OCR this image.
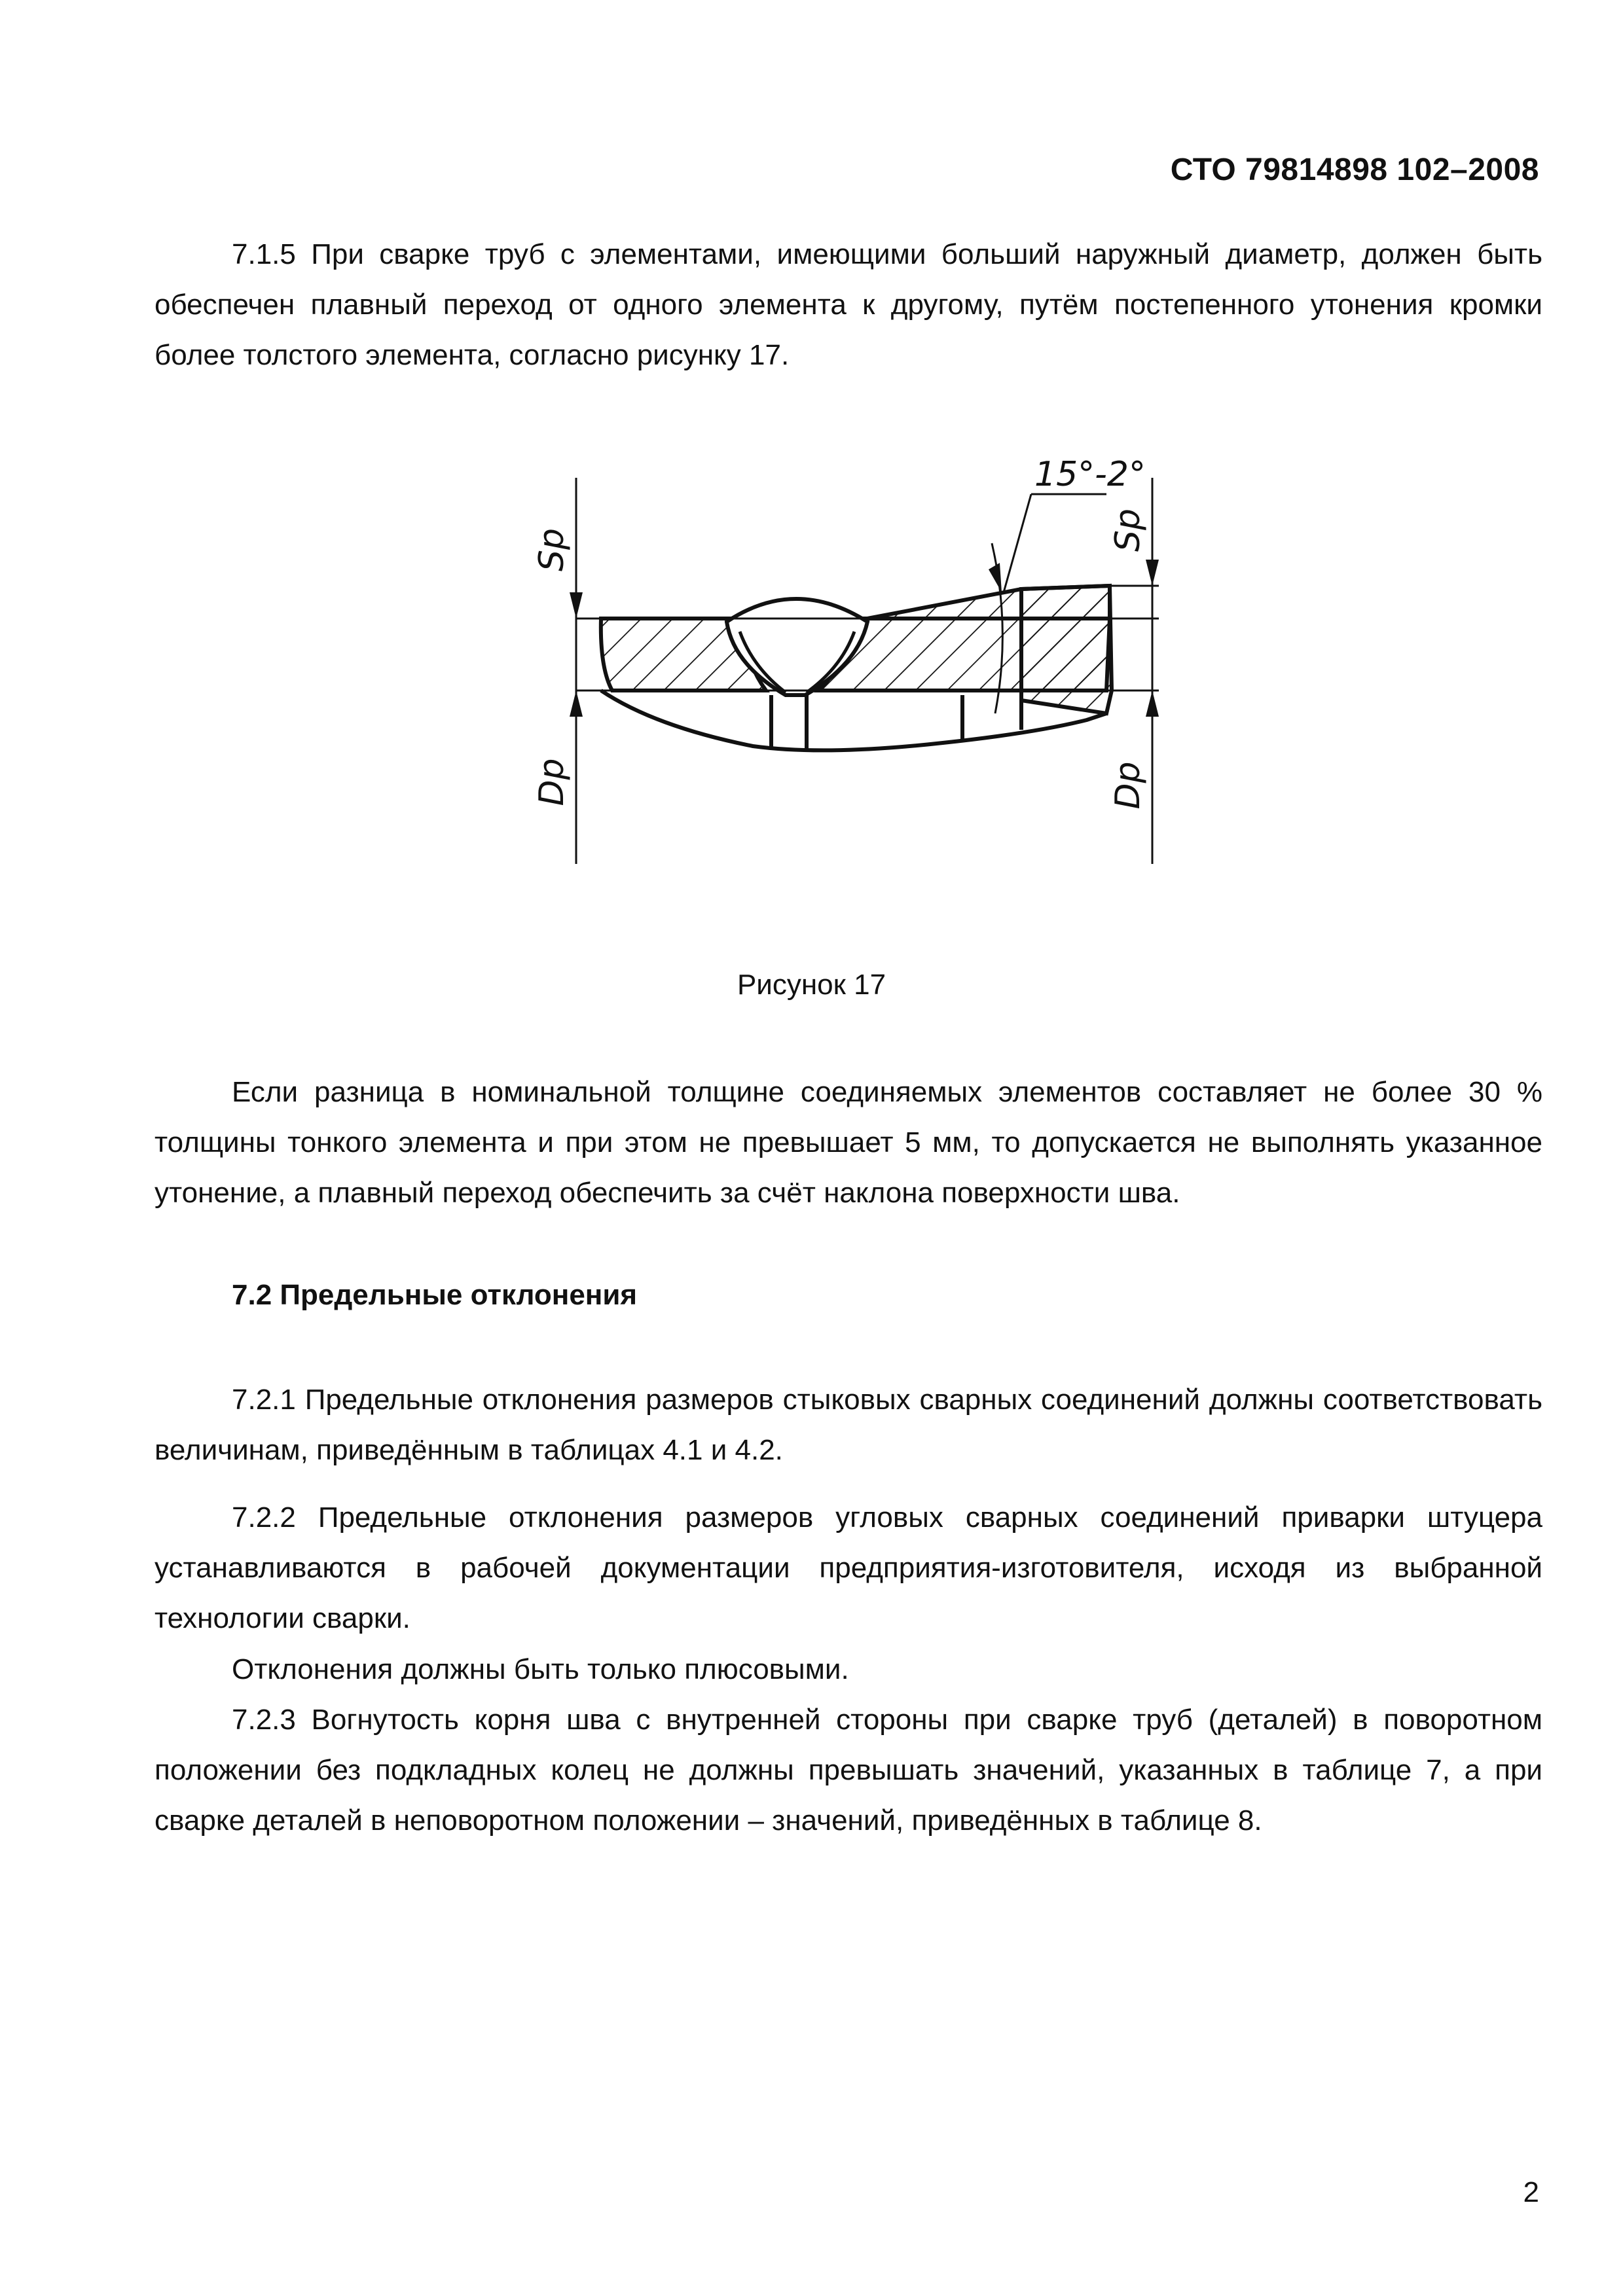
СТО 79814898 102–2008

7.1.5 При сварке труб с элементами, имеющими больший наружный диаметр, должен быть обеспечен плавный переход от одного элемента к другому, путём постепенного утонения кромки более толстого элемента, согласно рисунку 17.

Sp	Sp
Dp	Dp
15°-2°
Рисунок 17

Если разница в номинальной толщине соединяемых элементов составляет не более 30 % толщины тонкого элемента и при этом не превышает 5 мм, то допускается не выполнять указанное утонение, а плавный переход обеспечить за счёт наклона поверхности шва.

7.2 Предельные отклонения

7.2.1 Предельные отклонения размеров стыковых сварных соединений должны соответствовать величинам, приведённым в таблицах 4.1 и 4.2.

7.2.2 Предельные отклонения размеров угловых сварных соединений приварки штуцера устанавливаются в рабочей документации предприятия-изготовителя, исходя из выбранной технологии сварки.

Отклонения должны быть только плюсовыми.

7.2.3 Вогнутость корня шва с внутренней стороны при сварке труб (деталей) в поворотном положении без подкладных колец не должны превышать значений, указанных в таблице 7, а при сварке деталей в неповоротном положении – значений, приведённых в таблице 8.

2
